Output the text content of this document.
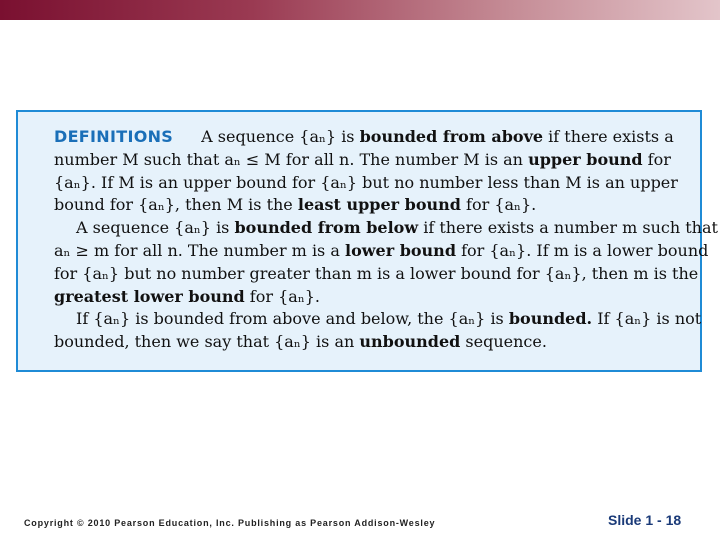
DEFINITIONS A sequence {aₙ} is bounded from above if there exists a
number M such that aₙ ≤ M for all n. The number M is an upper bound for
{aₙ}. If M is an upper bound for {aₙ} but no number less than M is an upper
bound for {aₙ}, then M is the least upper bound for {aₙ}.
A sequence {aₙ} is bounded from below if there exists a number m such that
aₙ ≥ m for all n. The number m is a lower bound for {aₙ}. If m is a lower bound
for {aₙ} but no number greater than m is a lower bound for {aₙ}, then m is the
greatest lower bound for {aₙ}.
If {aₙ} is bounded from above and below, the {aₙ} is bounded. If {aₙ} is not
bounded, then we say that {aₙ} is an unbounded sequence.
Copyright © 2010 Pearson Education, Inc. Publishing as Pearson Addison-Wesley	Slide 1 - 18
